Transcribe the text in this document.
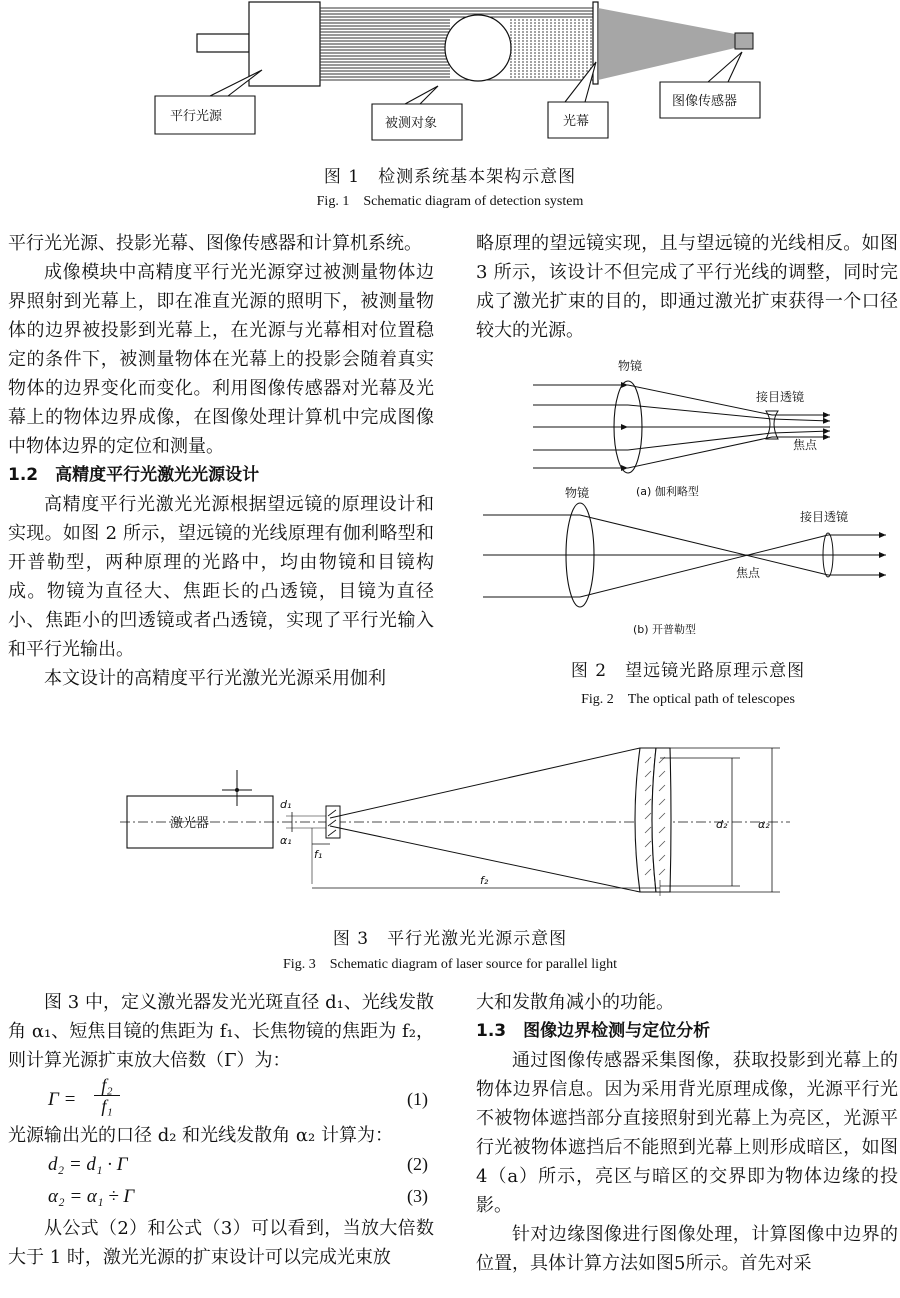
平行光源	被测对象	光幕
图像传感器
图 1　检测系统基本架构示意图
Fig. 1　Schematic diagram of detection system

平行光光源、投影光幕、图像传感器和计算机系统。

成像模块中高精度平行光光源穿过被测量物体边界照射到光幕上，即在准直光源的照明下，被测量物体的边界被投影到光幕上，在光源与光幕相对位置稳定的条件下，被测量物体在光幕上的投影会随着真实物体的边界变化而变化。利用图像传感器对光幕及光幕上的物体边界成像，在图像处理计算机中完成图像中物体边界的定位和测量。

1.2　高精度平行光激光光源设计

高精度平行光激光光源根据望远镜的原理设计和实现。如图 2 所示，望远镜的光线原理有伽利略型和开普勒型，两种原理的光路中，均由物镜和目镜构成。物镜为直径大、焦距长的凸透镜，目镜为直径小、焦距小的凹透镜或者凸透镜，实现了平行光输入和平行光输出。

本文设计的高精度平行光激光光源采用伽利

略原理的望远镜实现，且与望远镜的光线相反。如图 3 所示，该设计不但完成了平行光线的调整，同时完成了激光扩束的目的，即通过激光扩束获得一个口径较大的光源。

物镜
接目透镜
焦点
(a) 伽利略型
物镜
接目透镜
焦点
(b) 开普勒型
图 2　望远镜光路原理示意图
Fig. 2　The optical path of telescopes
激光器
d₁
α₁
f₁
f₂
d₂	α₂
图 3　平行光激光光源示意图
Fig. 3　Schematic diagram of laser source for parallel light

图 3 中，定义激光器发光光斑直径 d₁、光线发散角 α₁、短焦目镜的焦距为 f₁、长焦物镜的焦距为 f₂，则计算光源扩束放大倍数（Γ）为：

$\Gamma = \frac{\text{f₂}}{\text{f₁}}$	(1)

光源输出光的口径 d₂ 和光线发散角 α₂ 计算为：

d₂ = d₁ · Γ	(2)
α₂ = α₁ ÷ Γ	(3)

从公式（2）和公式（3）可以看到，当放大倍数大于 1 时，激光光源的扩束设计可以完成光束放

大和发散角减小的功能。

1.3　图像边界检测与定位分析

通过图像传感器采集图像，获取投影到光幕上的物体边界信息。因为采用背光原理成像，光源平行光不被物体遮挡部分直接照射到光幕上为亮区，光源平行光被物体遮挡后不能照到光幕上则形成暗区，如图 4（a）所示，亮区与暗区的交界即为物体边缘的投影。

针对边缘图像进行图像处理，计算图像中边界的位置，具体计算方法如图5所示。首先对采
